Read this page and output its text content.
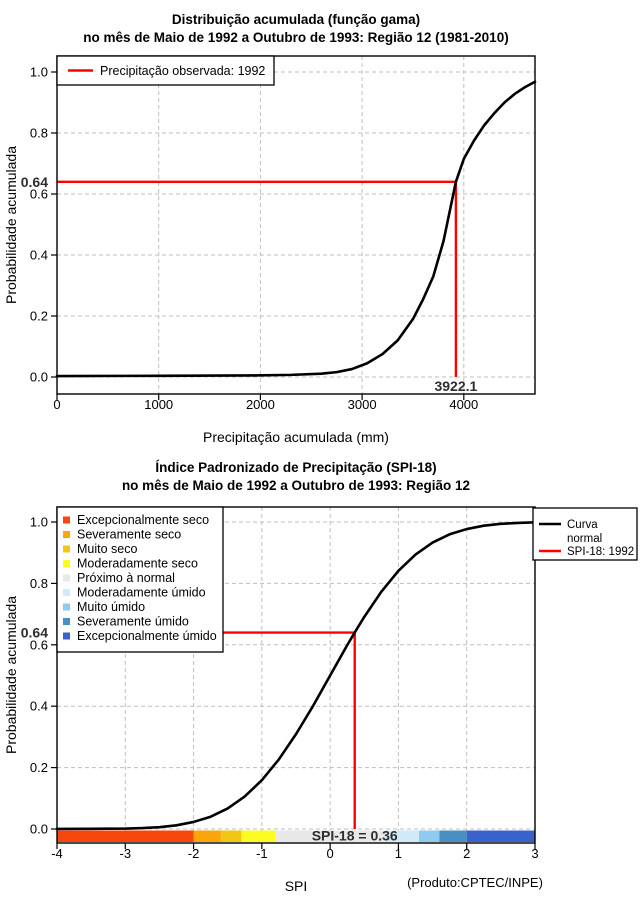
Distribuição acumulada (função gama)
no mês de Maio de 1992 a Outubro de 1993: Região 12 (1981-2010)
0	1000	2000	3000	4000
0.0
0.2
0.4
0.6
0.8
1.0
0.64
3922.1
Precipitação observada: 1992
Precipitação acumulada (mm)
Probabilidade acumulada
Índice Padronizado de Precipitação (SPI-18)
no mês de Maio de 1992 a Outubro de 1993: Região 12
-4	-3	-2	-1	0	1	2	3
0.0
0.2
0.4
0.6
0.8
1.0
0.64
SPI-18 = 0.36
Excepcionalmente seco
Severamente seco
Muito seco
Moderadamente seco
Próximo à normal
Moderadamente úmido
Muito úmido
Severamente úmido
Excepcionalmente úmido
Curva
normal
SPI-18: 1992
SPI
Probabilidade acumulada
(Produto:CPTEC/INPE)
